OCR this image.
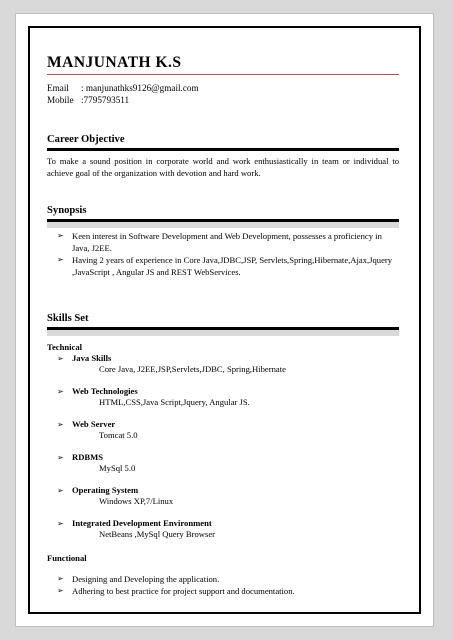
MANJUNATH K.S
Email : manjunathks9126@gmail.com
Mobile :7795793511
Career Objective
To make a sound position in corporate world and work enthusiastically in team or individual to achieve goal of the organization with devotion and hard work.
Synopsis
➢ Keen interest in Software Development and Web Development, possesses a proficiency in Java, J2EE.
➢ Having 2 years of experience in Core Java,JDBC,JSP, Servlets,Spring,Hibernate,Ajax,Jquery ,JavaScript , Angular JS and REST WebServices.
Skills Set
Technical
➢ Java Skills
Core Java, J2EE,JSP,Servlets,JDBC, Spring,Hibernate
➢ Web Technologies
HTML,CSS,Java Script,Jquery, Angular JS.
➢ Web Server
Tomcat 5.0
➢ RDBMS
MySql 5.0
➢ Operating System
Windows XP,7/Linux
➢ Integrated Development Environment
NetBeans ,MySql Query Browser
Functional
➢ Designing and Developing the application.
➢ Adhering to best practice for project support and documentation.
